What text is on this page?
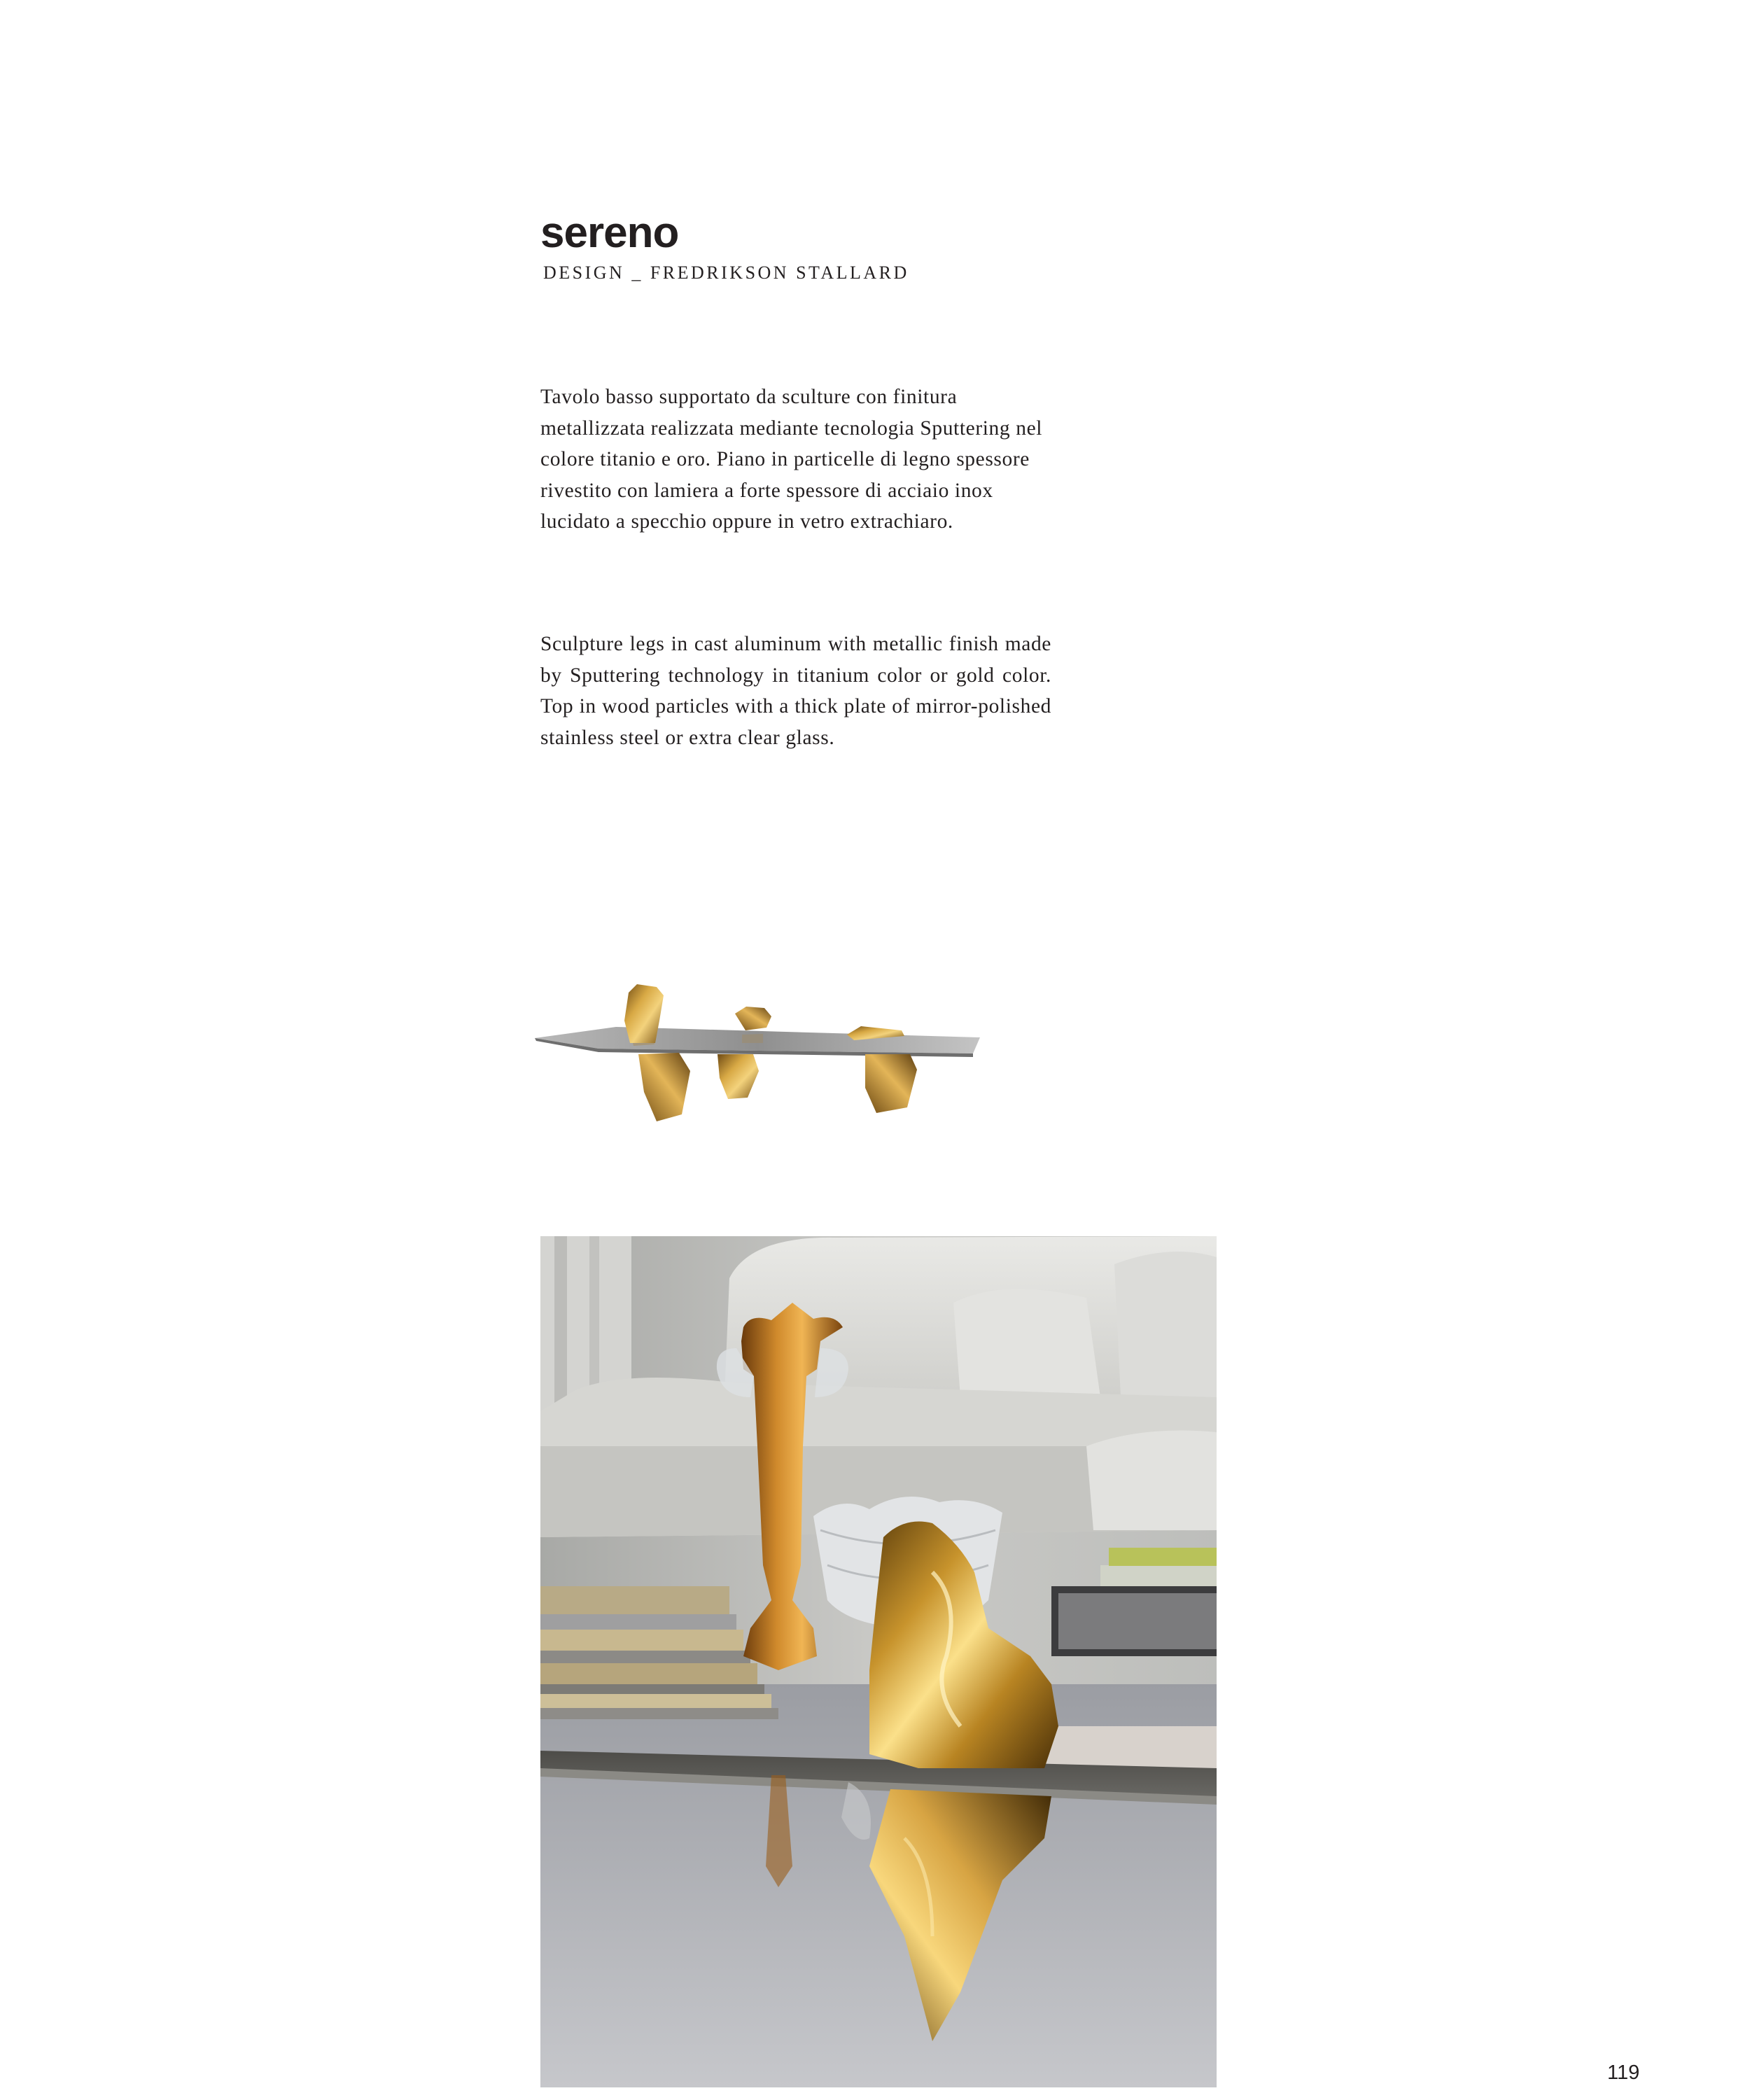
sereno

DESIGN _ FREDRIKSON STALLARD

Tavolo basso supportato da sculture con finitura metallizzata realizzata mediante tecnologia Sputtering nel colore titanio e oro. Piano in particelle di legno spessore rivestito con lamiera a forte spessore di acciaio inox lucidato a specchio oppure in vetro extrachiaro.

Sculpture legs in cast aluminum with metallic finish made by Sputtering technology in titanium color or gold color. Top in wood particles with a thick plate of mirror-polished stainless steel or extra clear glass.

119
